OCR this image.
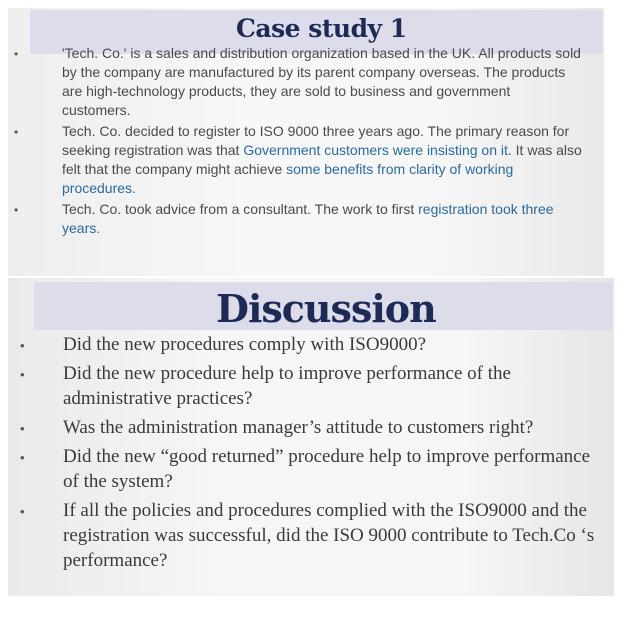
Case study 1
•	'Tech. Co.' is a sales and distribution organization based in the UK. All products sold by the company are manufactured by its parent company overseas. The products are high-technology products, they are sold to business and government customers.
•	Tech. Co. decided to register to ISO 9000 three years ago. The primary reason for seeking registration was that Government customers were insisting on it. It was also felt that the company might achieve some benefits from clarity of working procedures.
•	Tech. Co. took advice from a consultant. The work to first registration took three years.
Discussion
• Did the new procedures comply with ISO9000?
• Did the new procedure help to improve performance of the administrative practices?
• Was the administration manager’s attitude to customers right?
• Did the new “good returned” procedure help to improve performance of the system?
• If all the policies and procedures complied with the ISO9000 and the registration was successful, did the ISO 9000 contribute to Tech.Co ‘s performance?
